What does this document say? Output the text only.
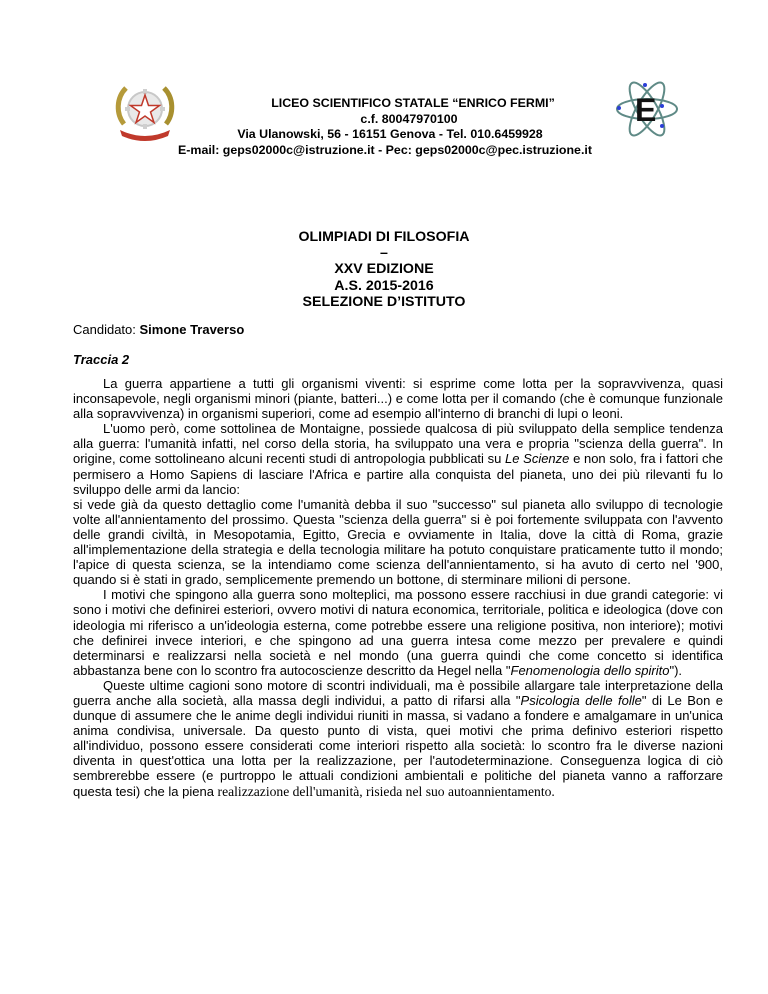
E
LICEO SCIENTIFICO STATALE “ENRICO FERMI”
c.f. 80047970100
Via Ulanowski, 56 - 16151 Genova - Tel. 010.6459928
E-mail: geps02000c@istruzione.it - Pec: geps02000c@pec.istruzione.it
OLIMPIADI DI FILOSOFIA
–
XXV EDIZIONE
A.S. 2015-2016
SELEZIONE D’ISTITUTO
Candidato: Simone Traverso
Traccia 2

La guerra appartiene a tutti gli organismi viventi: si esprime come lotta per la sopravvivenza, quasi inconsapevole, negli organismi minori (piante, batteri...) e come lotta per il comando (che è comunque funzionale alla sopravvivenza) in organismi superiori, come ad esempio all'interno di branchi di lupi o leoni.

L'uomo però, come sottolinea de Montaigne, possiede qualcosa di più sviluppato della semplice tendenza alla guerra: l'umanità infatti, nel corso della storia, ha sviluppato una vera e propria "scienza della guerra". In origine, come sottolineano alcuni recenti studi di antropologia pubblicati su Le Scienze e non solo, fra i fattori che permisero a Homo Sapiens di lasciare l'Africa e partire alla conquista del pianeta, uno dei più rilevanti fu lo sviluppo delle armi da lancio:

si vede già da questo dettaglio come l'umanità debba il suo "successo" sul pianeta allo sviluppo di tecnologie volte all'annientamento del prossimo. Questa "scienza della guerra" si è poi fortemente sviluppata con l'avvento delle grandi civiltà, in Mesopotamia, Egitto, Grecia e ovviamente in Italia, dove la città di Roma, grazie all'implementazione della strategia e della tecnologia militare ha potuto conquistare praticamente tutto il mondo; l'apice di questa scienza, se la intendiamo come scienza dell'annientamento, si ha avuto di certo nel '900, quando si è stati in grado, semplicemente premendo un bottone, di sterminare milioni di persone.

I motivi che spingono alla guerra sono molteplici, ma possono essere racchiusi in due grandi categorie: vi sono i motivi che definirei esteriori, ovvero motivi di natura economica, territoriale, politica e ideologica (dove con ideologia mi riferisco a un'ideologia esterna, come potrebbe essere una religione positiva, non interiore); motivi che definirei invece interiori, e che spingono ad una guerra intesa come mezzo per prevalere e quindi determinarsi e realizzarsi nella società e nel mondo (una guerra quindi che come concetto si identifica abbastanza bene con lo scontro fra autocoscienze descritto da Hegel nella "Fenomenologia dello spirito").

Queste ultime cagioni sono motore di scontri individuali, ma è possibile allargare tale interpretazione della guerra anche alla società, alla massa degli individui, a patto di rifarsi alla "Psicologia delle folle" di Le Bon e dunque di assumere che le anime degli individui riuniti in massa, si vadano a fondere e amalgamare in un'unica anima condivisa, universale. Da questo punto di vista, quei motivi che prima definivo esteriori rispetto all'individuo, possono essere considerati come interiori rispetto alla società: lo scontro fra le diverse nazioni diventa in quest'ottica una lotta per la realizzazione, per l'autodeterminazione. Conseguenza logica di ciò sembrerebbe essere (e purtroppo le attuali condizioni ambientali e politiche del pianeta vanno a rafforzare questa tesi) che la piena realizzazione dell'umanità, risieda nel suo autoannientamento.
